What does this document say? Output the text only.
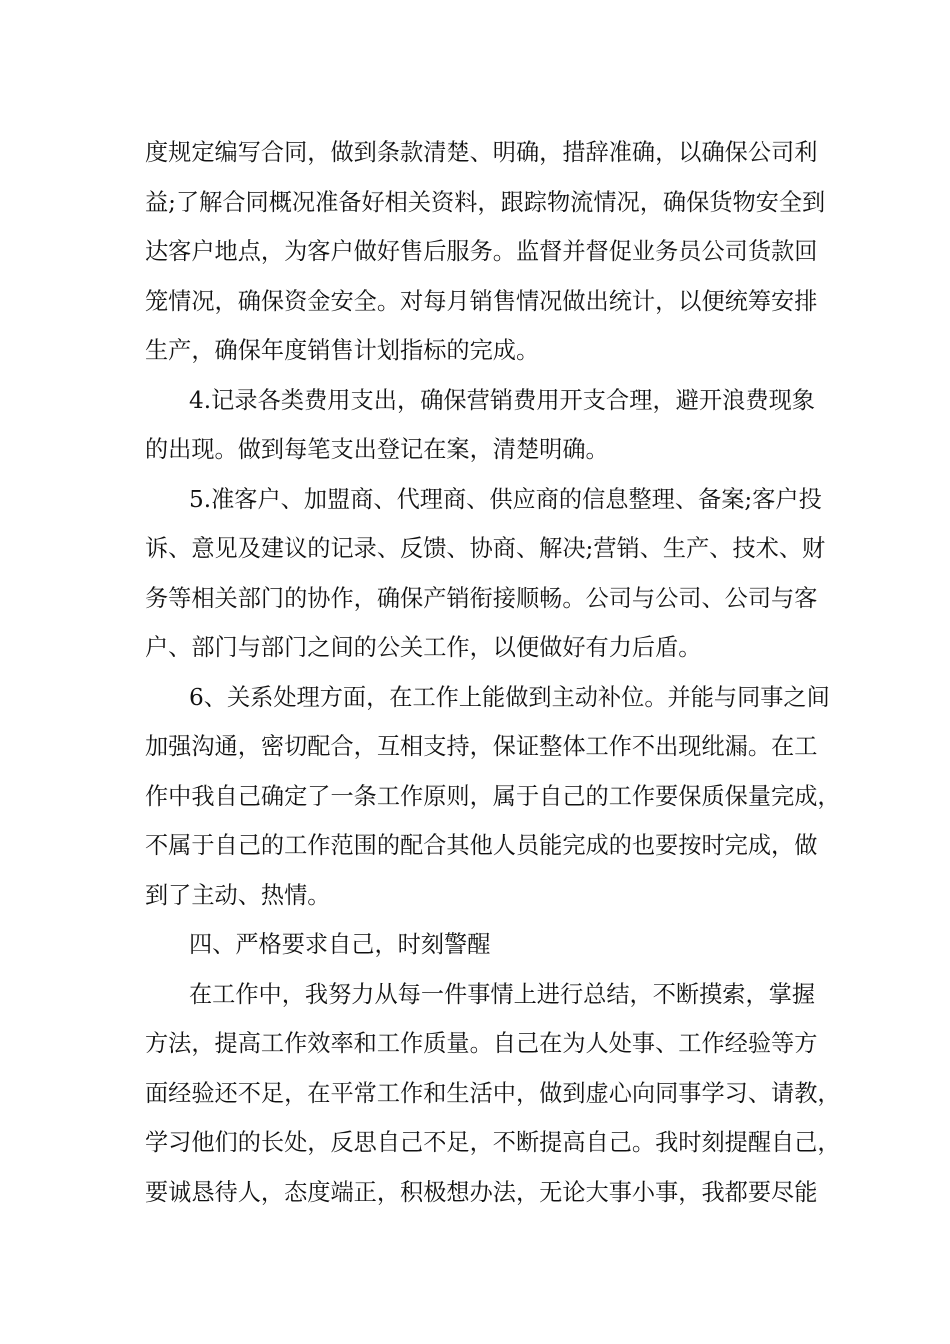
度规定编写合同，做到条款清楚、明确，措辞准确，以确保公司利
益;了解合同概况准备好相关资料，跟踪物流情况，确保货物安全到
达客户地点，为客户做好售后服务。监督并督促业务员公司货款回
笼情况，确保资金安全。对每月销售情况做出统计，以便统筹安排
生产，确保年度销售计划指标的完成。
4.记录各类费用支出，确保营销费用开支合理，避开浪费现象
的出现。做到每笔支出登记在案，清楚明确。
5.准客户、加盟商、代理商、供应商的信息整理、备案;客户投
诉、意见及建议的记录、反馈、协商、解决;营销、生产、技术、财
务等相关部门的协作，确保产销衔接顺畅。公司与公司、公司与客
户、部门与部门之间的公关工作，以便做好有力后盾。
6、关系处理方面，在工作上能做到主动补位。并能与同事之间
加强沟通，密切配合，互相支持，保证整体工作不出现纰漏。在工
作中我自己确定了一条工作原则，属于自己的工作要保质保量完成，
不属于自己的工作范围的配合其他人员能完成的也要按时完成，做
到了主动、热情。
四、严格要求自己，时刻警醒
在工作中，我努力从每一件事情上进行总结，不断摸索，掌握
方法，提高工作效率和工作质量。自己在为人处事、工作经验等方
面经验还不足，在平常工作和生活中，做到虚心向同事学习、请教，
学习他们的长处，反思自己不足，不断提高自己。我时刻提醒自己，
要诚恳待人，态度端正，积极想办法，无论大事小事，我都要尽能
